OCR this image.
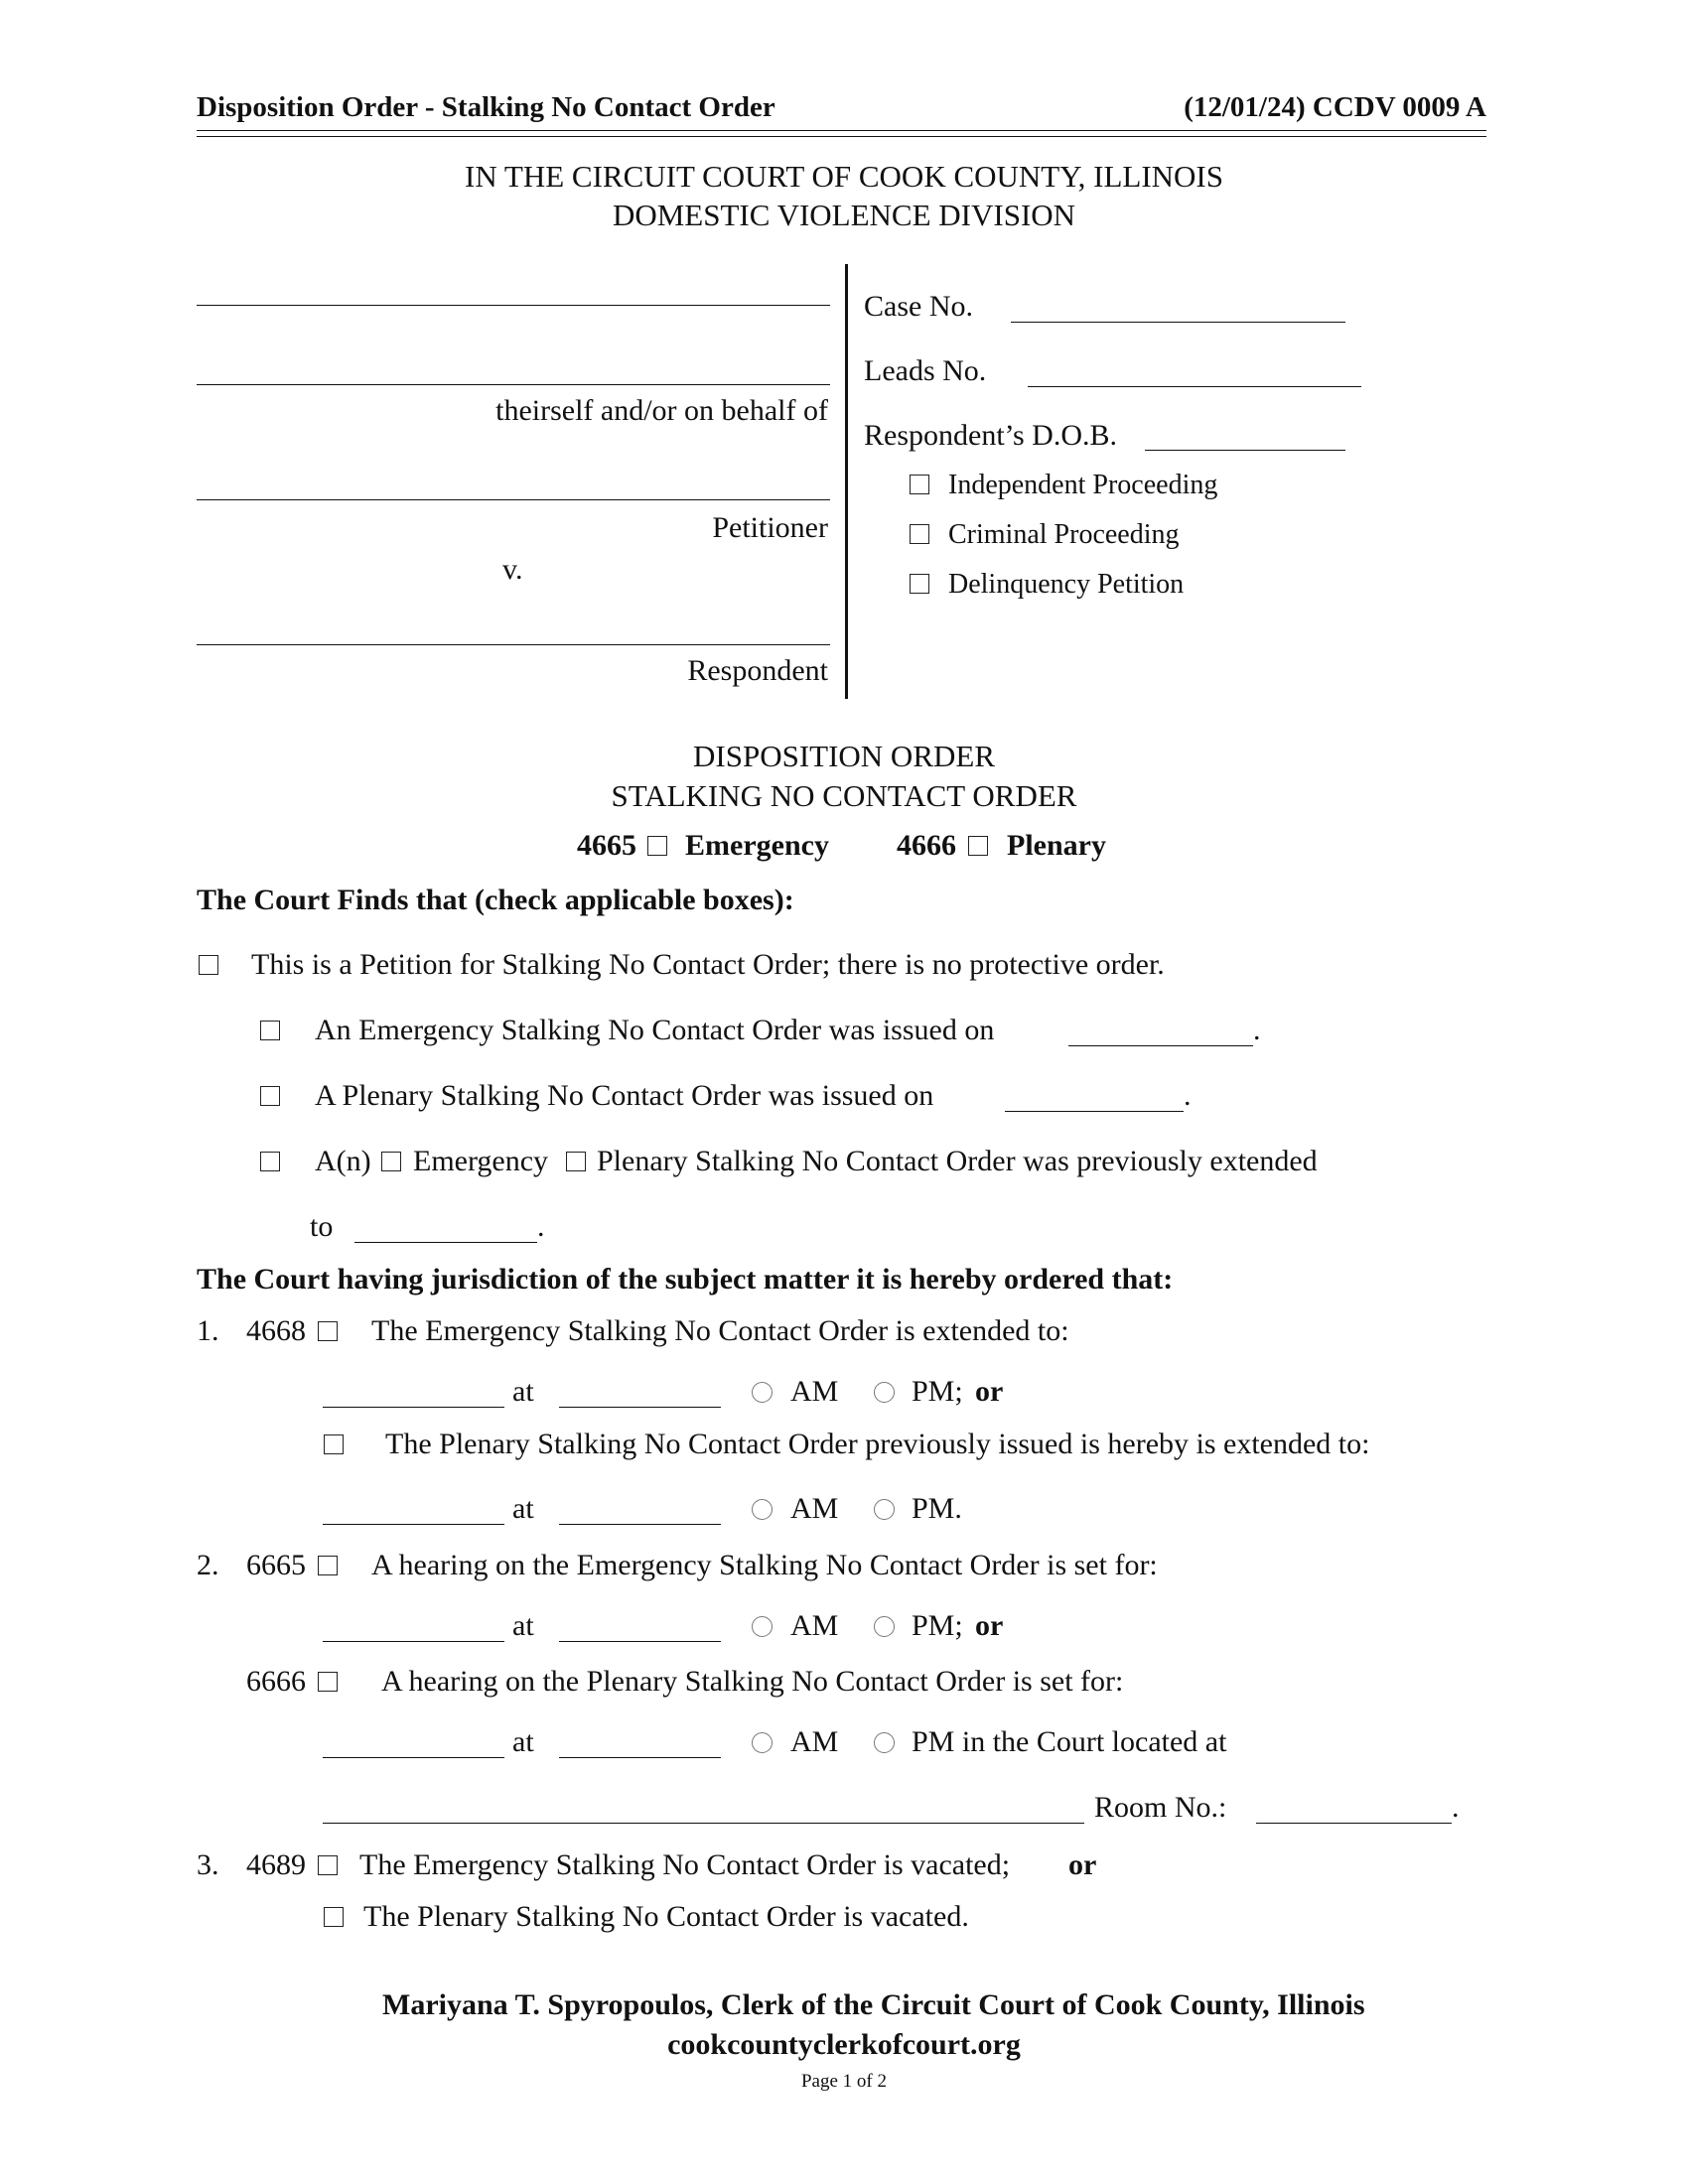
Disposition Order - Stalking No Contact Order	(12/01/24) CCDV 0009 A
IN THE CIRCUIT COURT OF COOK COUNTY, ILLINOIS
DOMESTIC VIOLENCE DIVISION
theirself and/or on behalf of
Petitioner
v.
Respondent
Case No.
Leads No.
Respondent’s D.O.B.
Independent Proceeding
Criminal Proceeding
Delinquency Petition
DISPOSITION ORDER
STALKING NO CONTACT ORDER
4665 Emergency 4666 Plenary
The Court Finds that (check applicable boxes):
This is a Petition for Stalking No Contact Order; there is no protective order.
An Emergency Stalking No Contact Order was issued on	.
A Plenary Stalking No Contact Order was issued on	.
A(n) Emergency Plenary Stalking No Contact Order was previously extended
to	.
The Court having jurisdiction of the subject matter it is hereby ordered that:
1. 4668 The Emergency Stalking No Contact Order is extended to:
at	AM PM; or
The Plenary Stalking No Contact Order previously issued is hereby is extended to:
at	AM PM.
2. 6665 A hearing on the Emergency Stalking No Contact Order is set for:
at	AM PM; or
6666	A hearing on the Plenary Stalking No Contact Order is set for:
at	AM PM in the Court located at
Room No.:	.
3. 4689 The Emergency Stalking No Contact Order is vacated; or
The Plenary Stalking No Contact Order is vacated.
Mariyana T. Spyropoulos, Clerk of the Circuit Court of Cook County, Illinois
cookcountyclerkofcourt.org
Page 1 of 2
